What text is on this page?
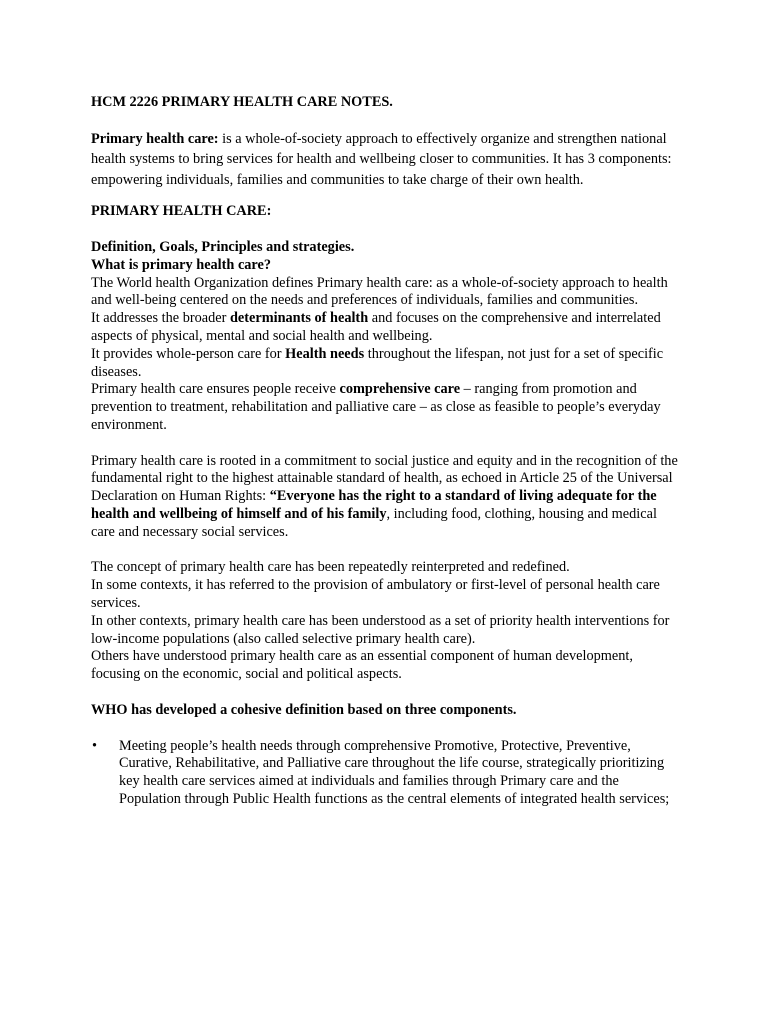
HCM 2226 PRIMARY HEALTH CARE NOTES.

Primary health care: is a whole-of-society approach to effectively organize and strengthen national health systems to bring services for health and wellbeing closer to communities. It has 3 components: empowering individuals, families and communities to take charge of their own health.

PRIMARY HEALTH CARE:

Definition, Goals, Principles and strategies.

What is primary health care?

The World health Organization defines Primary health care: as a whole-of-society approach to health and well-being centered on the needs and preferences of individuals, families and communities.

It addresses the broader determinants of health and focuses on the comprehensive and interrelated aspects of physical, mental and social health and wellbeing.

It provides whole-person care for Health needs throughout the lifespan, not just for a set of specific diseases.

Primary health care ensures people receive comprehensive care – ranging from promotion and prevention to treatment, rehabilitation and palliative care – as close as feasible to people’s everyday environment.

Primary health care is rooted in a commitment to social justice and equity and in the recognition of the fundamental right to the highest attainable standard of health, as echoed in Article 25 of the Universal Declaration on Human Rights: “Everyone has the right to a standard of living adequate for the health and wellbeing of himself and of his family, including food, clothing, housing and medical care and necessary social services.

The concept of primary health care has been repeatedly reinterpreted and redefined.

In some contexts, it has referred to the provision of ambulatory or first-level of personal health care services.

In other contexts, primary health care has been understood as a set of priority health interventions for low-income populations (also called selective primary health care).

Others have understood primary health care as an essential component of human development, focusing on the economic, social and political aspects.

WHO has developed a cohesive definition based on three components.

• Meeting people’s health needs through comprehensive Promotive, Protective, Preventive, Curative, Rehabilitative, and Palliative care throughout the life course, strategically prioritizing key health care services aimed at individuals and families through Primary care and the Population through Public Health functions as the central elements of integrated health services;
